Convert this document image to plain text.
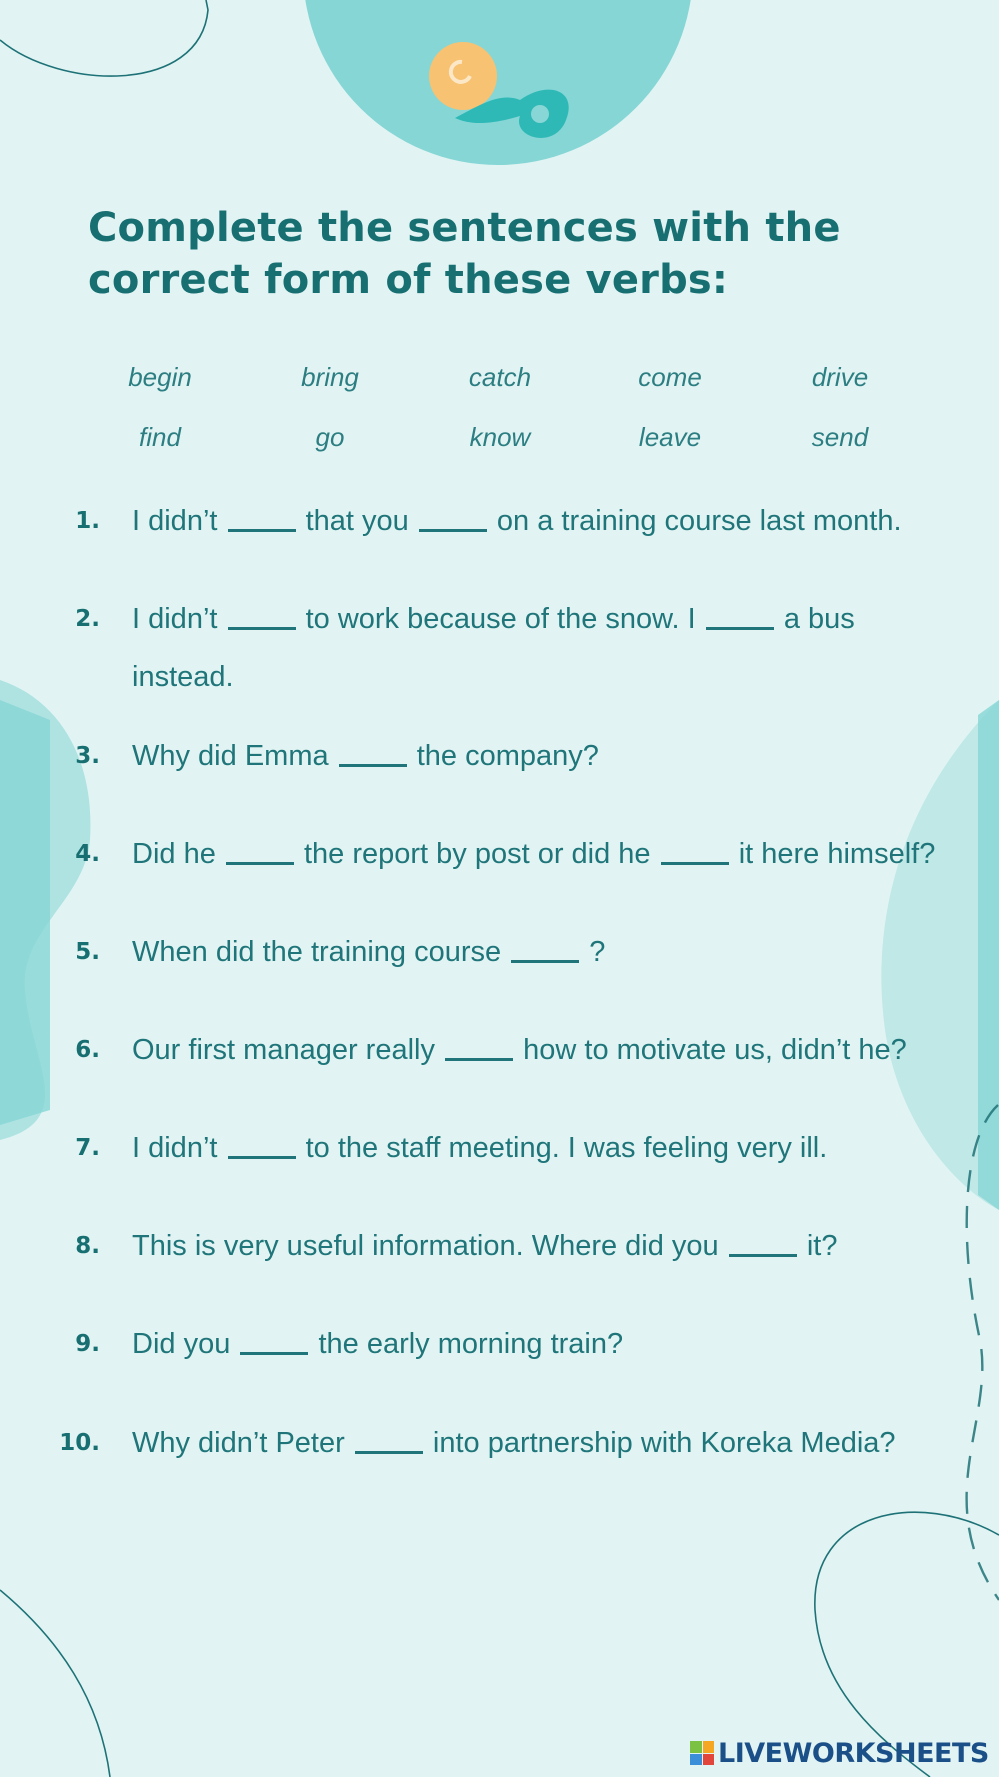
Complete the sentences with the
correct form of these verbs:
begin	bring	catch	come	drive
find	go	know	leave	send
1. I didn’t	that you	on a training course last month.
2. I didn’t	to work because of the snow. I	a bus
instead.
3. Why did Emma	the company?
4. Did he	the report by post or did he	it here himself?
5. When did the training course	?
6. Our first manager really	how to motivate us, didn’t he?
7. I didn’t	to the staff meeting. I was feeling very ill.
8. This is very useful information. Where did you	it?
9. Did you	the early morning train?
10. Why didn’t Peter	into partnership with Koreka Media?
LIVEWORKSHEETS
